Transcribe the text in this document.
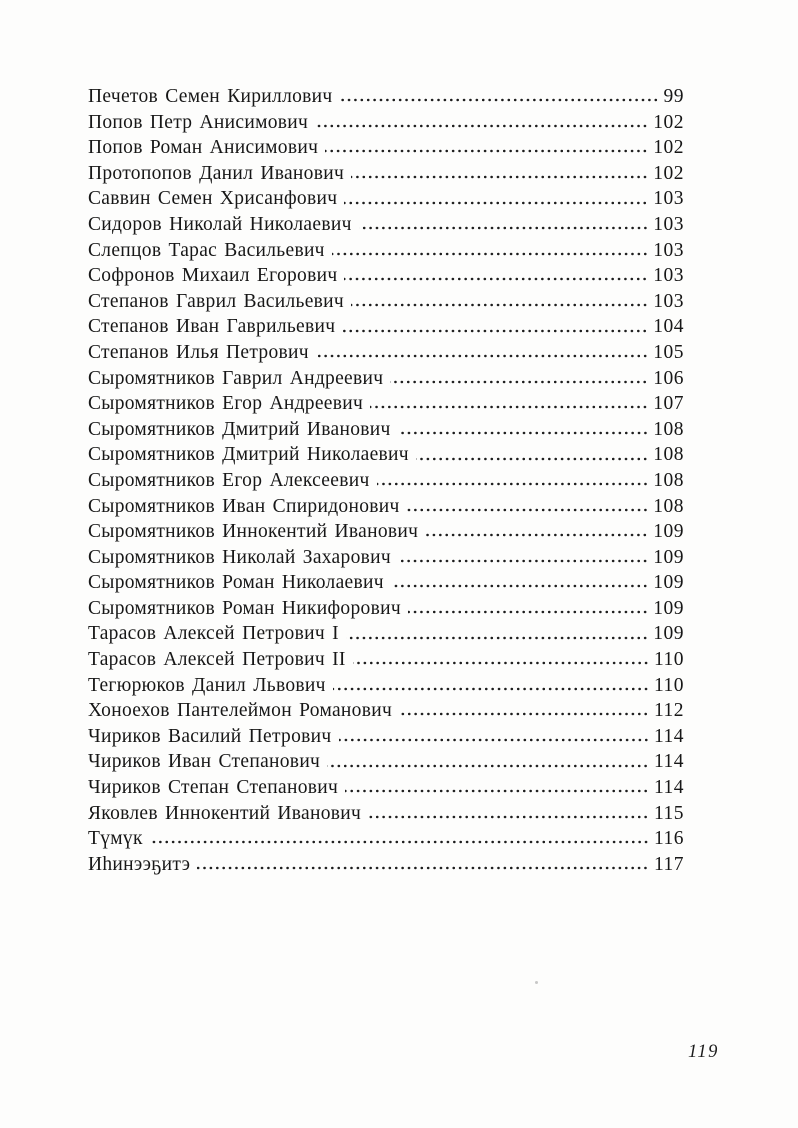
Печетов Семен Кириллович	99
Попов Петр Анисимович	102
Попов Роман Анисимович	102
Протопопов Данил Иванович	102
Саввин Семен Хрисанфович	103
Сидоров Николай Николаевич	103
Слепцов Тарас Васильевич	103
Софронов Михаил Егорович	103
Степанов Гаврил Васильевич	103
Степанов Иван Гаврильевич	104
Степанов Илья Петрович	105
Сыромятников Гаврил Андреевич	106
Сыромятников Егор Андреевич	107
Сыромятников Дмитрий Иванович	108
Сыромятников Дмитрий Николаевич	108
Сыромятников Егор Алексеевич	108
Сыромятников Иван Спиридонович	108
Сыромятников Иннокентий Иванович	109
Сыромятников Николай Захарович	109
Сыромятников Роман Николаевич	109
Сыромятников Роман Никифорович	109
Тарасов Алексей Петрович I	109
Тарасов Алексей Петрович II	110
Тегюрюков Данил Львович	110
Хоноехов Пантелеймон Романович	112
Чириков Василий Петрович	114
Чириков Иван Степанович	114
Чириков Степан Степанович	114
Яковлев Иннокентий Иванович	115
Түмүк	116
Иһинээҕитэ	117
119
